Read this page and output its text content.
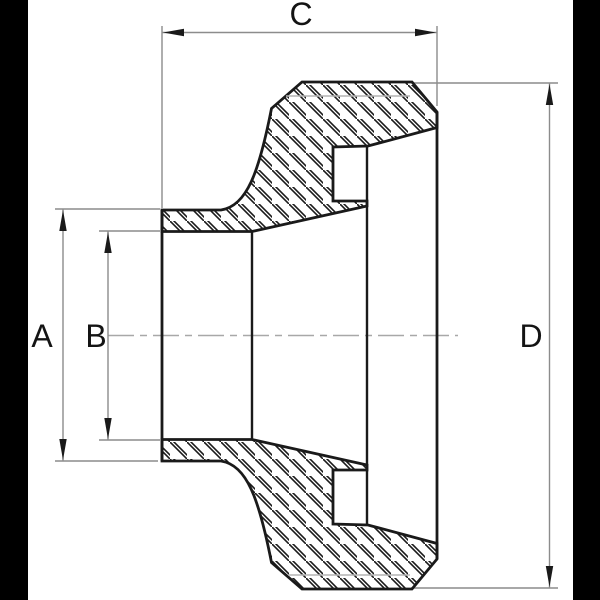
C
D
A B
